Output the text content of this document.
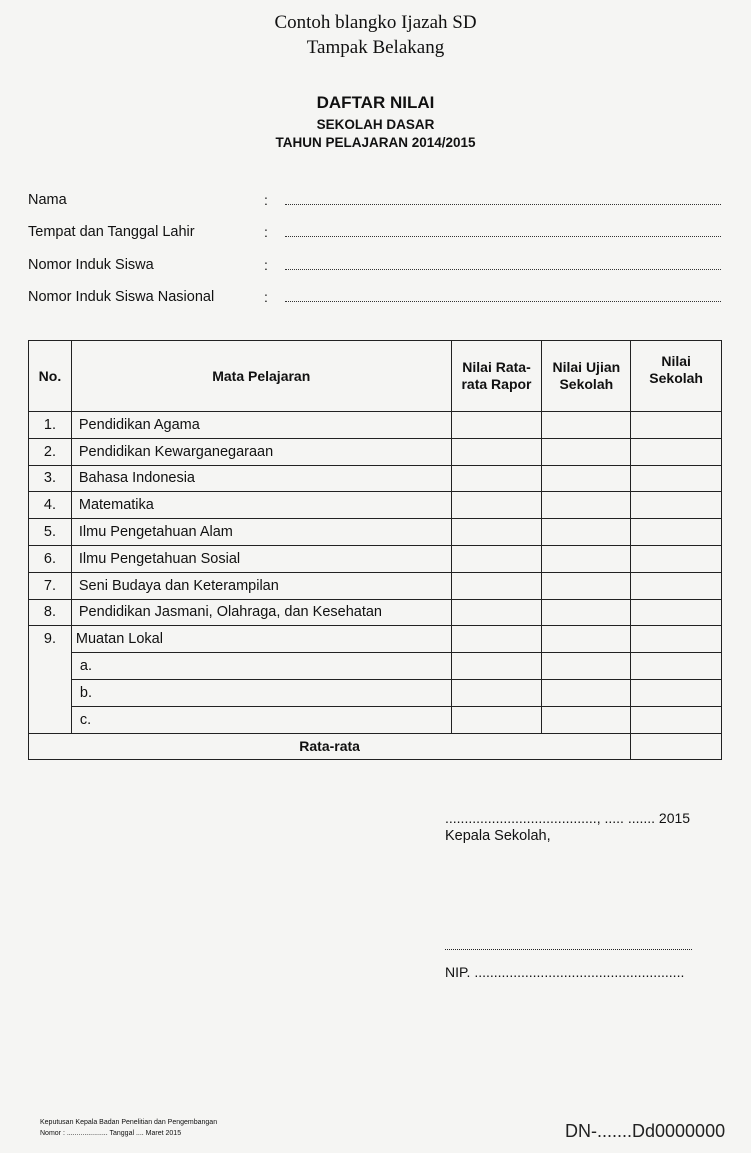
Contoh blangko Ijazah SD
Tampak Belakang
DAFTAR NILAI
SEKOLAH DASAR
TAHUN PELAJARAN 2014/2015
Nama	:
Tempat dan Tanggal Lahir	:
Nomor Induk Siswa	:
Nomor Induk Siswa Nasional	:
No.	Mata Pelajaran	Nilai Rata-rata Rapor	Nilai Ujian Sekolah	Nilai Sekolah
1.	Pendidikan Agama			
2.	Pendidikan Kewarganegaraan			
3.	Bahasa Indonesia			
4.	Matematika			
5.	Ilmu Pengetahuan Alam			
6.	Ilmu Pengetahuan Sosial			
7.	Seni Budaya dan Keterampilan			
8.	Pendidikan Jasmani, Olahraga, dan Kesehatan			
9.	Muatan Lokal			
	a.			
	b.			
	c.			
Rata-rata				
......................................., ..... ....... 2015
Kepala Sekolah,
NIP. ......................................................
Keputusan Kepala Badan Penelitian dan Pengembangan
Nomor : ..................... Tanggal .... Maret 2015	DN-.......Dd0000000
